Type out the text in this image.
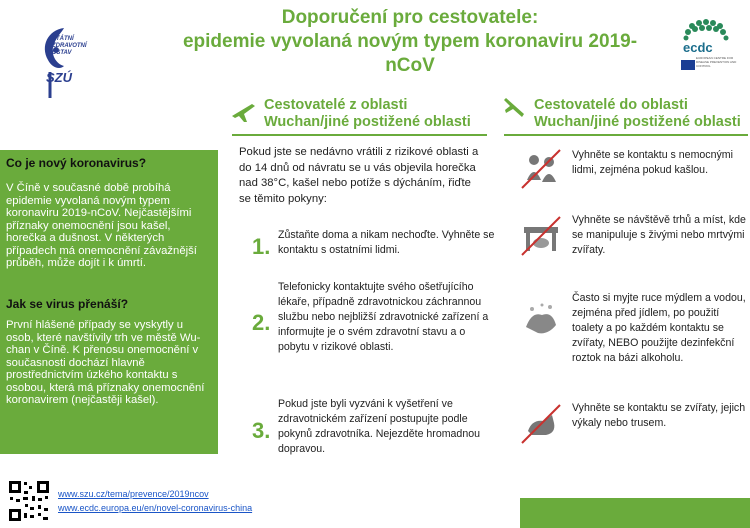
Doporučení pro cestovatele:
epidemie vyvolaná novým typem koronaviru 2019-nCoV
STÁTNÍ
ZDRAVOTNÍ
ÚSTAV
SZÚ
ecdc
EUROPEAN CENTRE FOR DISEASE PREVENTION AND CONTROL
Cestovatelé z oblasti
Wuchan/jiné postižené oblasti
Cestovatelé do oblasti
Wuchan/jiné postižené oblasti
Co je nový koronavirus?
V Číně v současné době probíhá epidemie vyvolaná novým typem koronaviru 2019-nCoV. Nejčastějšími příznaky onemocnění jsou kašel, horečka a dušnost. V některých případech má onemocnění závažnější průběh, může dojít i k úmrtí.
Jak se virus přenáší?
První hlášené případy se vyskytly u osob, které navštívily trh ve městě Wu-chan v Číně. K přenosu onemocnění v současnosti dochází hlavně prostřednictvím úzkého kontaktu s osobou, která má příznaky onemocnění koronavirem (nejčastěji kašel).
Pokud jste se nedávno vrátili z rizikové oblasti a do 14 dnů od návratu se u vás objevila horečka nad 38°C, kašel nebo potíže s dýcháním, řiďte se těmito pokyny:
1. Zůstaňte doma a nikam nechoďte. Vyhněte se kontaktu s ostatními lidmi.
2.
Telefonicky kontaktujte svého ošetřujícího lékaře, případně zdravotnickou záchrannou službu nebo nejbližší zdravotnické zařízení a informujte je o svém zdravotní stavu a o pobytu v rizikové oblasti.
3.
Pokud jste byli vyzváni k vyšetření ve zdravotnickém zařízení postupujte podle pokynů zdravotníka. Nejezděte hromadnou dopravou.
Vyhněte se kontaktu s nemocnými lidmi, zejména pokud kašlou.
Vyhněte se návštěvě trhů a míst, kde se manipuluje s živými nebo mrtvými zvířaty.
Často si myjte ruce mýdlem a vodou, zejména před jídlem, po použití toalety a po každém kontaktu se zvířaty, NEBO použijte dezinfekční roztok na bázi alkoholu.
Vyhněte se kontaktu se zvířaty, jejich výkaly nebo trusem.
www.szu.cz/tema/prevence/2019ncov
www.ecdc.europa.eu/en/novel-coronavirus-china
